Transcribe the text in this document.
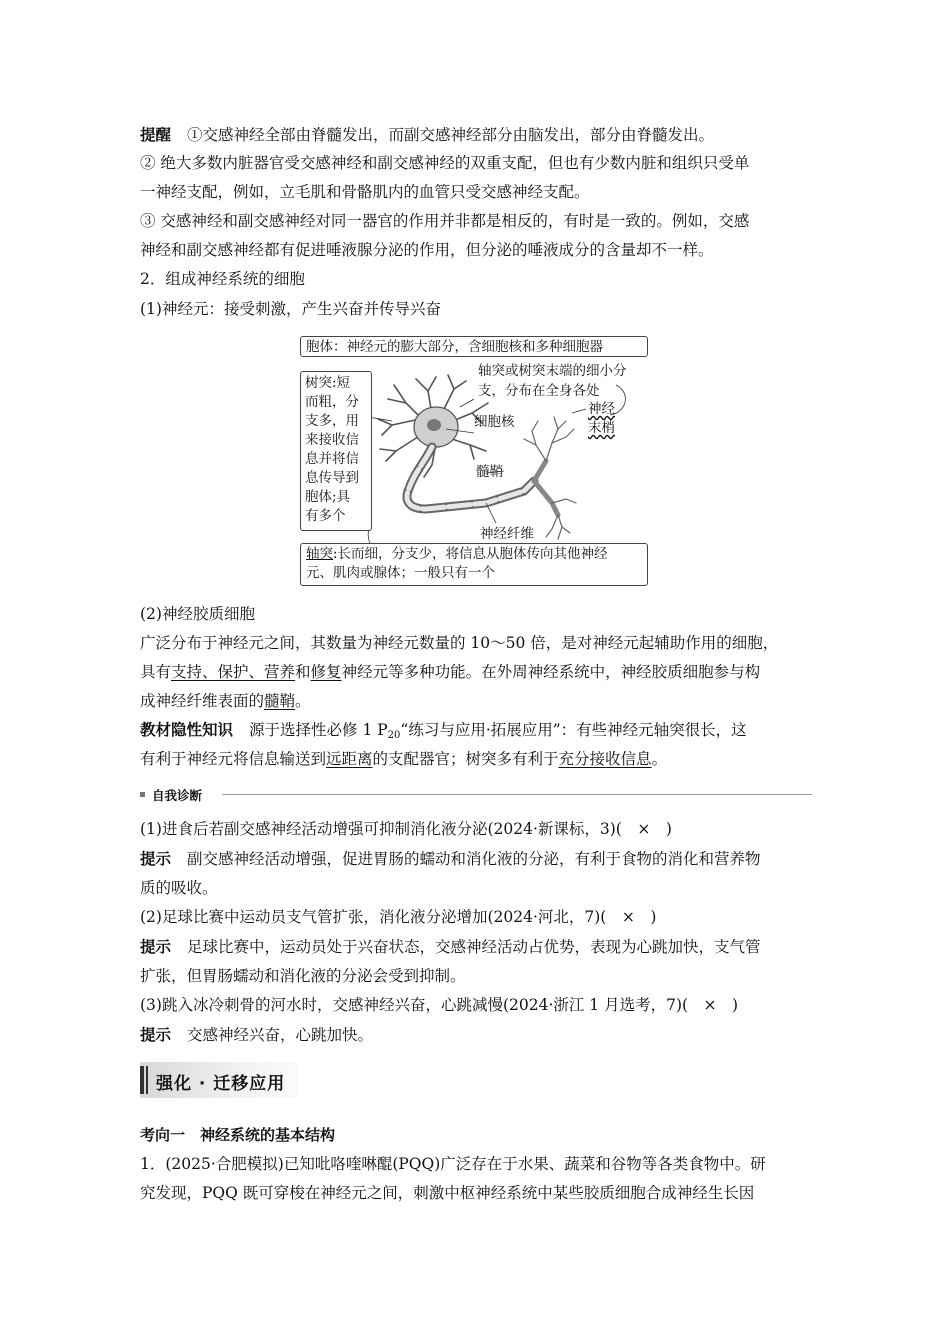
提醒 ①交感神经全部由脊髓发出，而副交感神经部分由脑发出，部分由脊髓发出。
② 绝大多数内脏器官受交感神经和副交感神经的双重支配，但也有少数内脏和组织只受单
一神经支配，例如，立毛肌和骨骼肌内的血管只受交感神经支配。
③ 交感神经和副交感神经对同一器官的作用并非都是相反的，有时是一致的。例如，交感
神经和副交感神经都有促进唾液腺分泌的作用，但分泌的唾液成分的含量却不一样。
2．组成神经系统的细胞
(1)神经元：接受刺激，产生兴奋并传导兴奋
胞体：神经元的膨大部分，含细胞核和多种细胞器
树突:短
而粗，分
支多，用
来接收信
息并将信
息传导到
胞体;具
有多个
轴突或树突末端的细小分
支，分布在全身各处
细胞核
神经
末梢
髓鞘
神经纤维
轴突:长而细，分支少，将信息从胞体传向其他神经
元、肌肉或腺体；一般只有一个
(2)神经胶质细胞
广泛分布于神经元之间，其数量为神经元数量的 10～50 倍，是对神经元起辅助作用的细胞，
具有支持、保护、营养和修复神经元等多种功能。在外周神经系统中，神经胶质细胞参与构
成神经纤维表面的髓鞘。
教材隐性知识 源于选择性必修 1 $P_{20}“$练习与应用·拓展应用”：有些神经元轴突很长，这
有利于神经元将信息输送到远距离的支配器官；树突多有利于充分接收信息。
自我诊断
(1)进食后若副交感神经活动增强可抑制消化液分泌(2024·新课标，3)(　×　)
提示 副交感神经活动增强，促进胃肠的蠕动和消化液的分泌，有利于食物的消化和营养物
质的吸收。
(2)足球比赛中运动员支气管扩张，消化液分泌增加(2024·河北，7)(　×　)
提示 足球比赛中，运动员处于兴奋状态，交感神经活动占优势，表现为心跳加快，支气管
扩张，但胃肠蠕动和消化液的分泌会受到抑制。
(3)跳入冰冷刺骨的河水时，交感神经兴奋，心跳减慢(2024·浙江 1 月选考，7)(　×　)
提示 交感神经兴奋，心跳加快。
强化 · 迁移应用
考向一　神经系统的基本结构
1．(2025·合肥模拟)已知吡咯喹啉醌(PQQ)广泛存在于水果、蔬菜和谷物等各类食物中。研
究发现，PQQ 既可穿梭在神经元之间，刺激中枢神经系统中某些胶质细胞合成神经生长因
